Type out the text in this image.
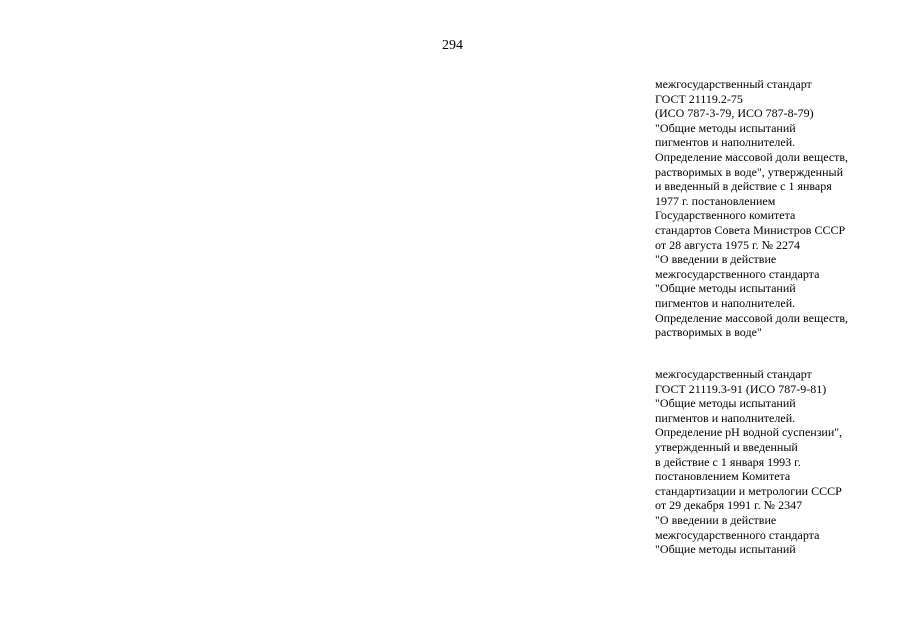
294
межгосударственный стандарт
ГОСТ 21119.2-75
(ИСО 787-3-79, ИСО 787-8-79)
"Общие методы испытаний
пигментов и наполнителей.
Определение массовой доли веществ,
растворимых в воде", утвержденный
и введенный в действие с 1 января
1977 г. постановлением
Государственного комитета
стандартов Совета Министров СССР
от 28 августа 1975 г. № 2274
"О введении в действие
межгосударственного стандарта
"Общие методы испытаний
пигментов и наполнителей.
Определение массовой доли веществ,
растворимых в воде"
межгосударственный стандарт
ГОСТ 21119.3-91 (ИСО 787-9-81)
"Общие методы испытаний
пигментов и наполнителей.
Определение pH водной суспензии",
утвержденный и введенный
в действие с 1 января 1993 г.
постановлением Комитета
стандартизации и метрологии СССР
от 29 декабря 1991 г. № 2347
"О введении в действие
межгосударственного стандарта
"Общие методы испытаний
